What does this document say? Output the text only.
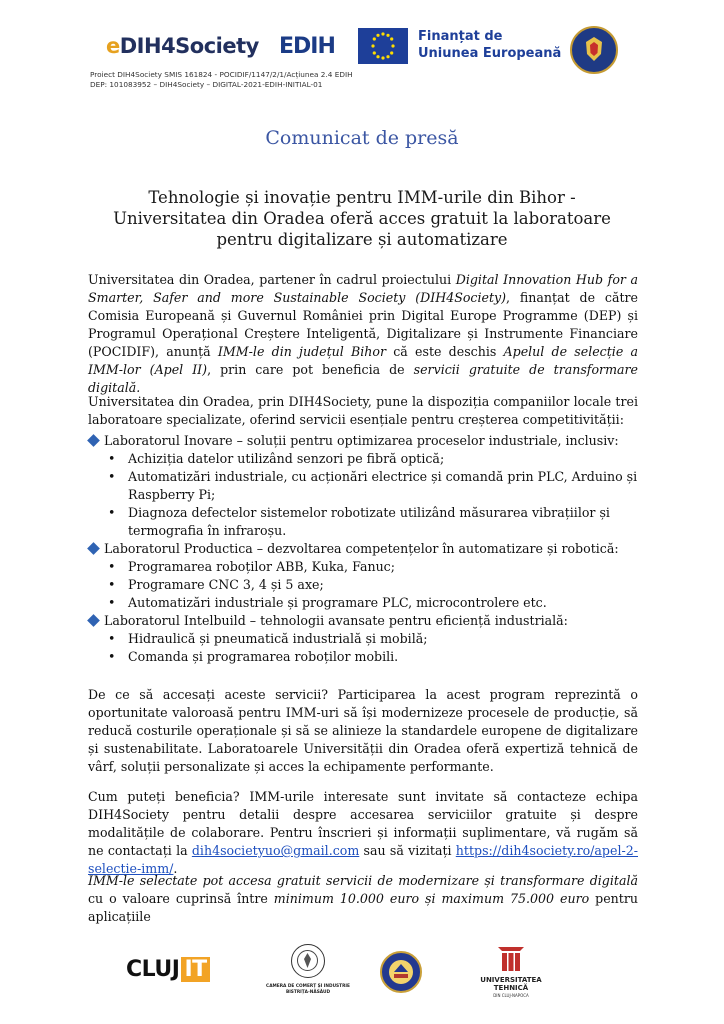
eDIH4Society EDIH	Finanțat de
Uniunea Europeană
Proiect DIH4Society SMIS 161824 - POCIDIF/1147/2/1/Acțiunea 2.4 EDIH
DEP: 101083952 – DIH4Society – DIGITAL-2021-EDIH-INITIAL-01
Comunicat de presă
Tehnologie și inovație pentru IMM-urile din Bihor -Universitatea din Oradea oferă acces gratuit la laboratoare pentru digitalizare și automatizare
Universitatea din Oradea, partener în cadrul proiectului Digital Innovation Hub for a Smarter, Safer and more Sustainable Society (DIH4Society), finanțat de către Comisia Europeană și Guvernul României prin Digital Europe Programme (DEP) și Programul Operațional Creștere Inteligentă, Digitalizare și Instrumente Financiare (POCIDIF), anunță IMM-le din județul Bihor că este deschis Apelul de selecție a IMM-lor (Apel II), prin care pot beneficia de servicii gratuite de transformare digitală.
Universitatea din Oradea, prin DIH4Society, pune la dispoziția companiilor locale trei laboratoare specializate, oferind servicii esențiale pentru creșterea competitivității:
Laboratorul Inovare – soluții pentru optimizarea proceselor industriale, inclusiv:
• Achiziția datelor utilizând senzori pe fibră optică;
• Automatizări industriale, cu acționări electrice și comandă prin PLC, Arduino și Raspberry Pi;
• Diagnoza defectelor sistemelor robotizate utilizând măsurarea vibrațiilor și termografia în infraroșu.
Laboratorul Productica – dezvoltarea competențelor în automatizare și robotică:
• Programarea roboților ABB, Kuka, Fanuc;
• Programare CNC 3, 4 și 5 axe;
• Automatizări industriale și programare PLC, microcontrolere etc.
Laboratorul Intelbuild – tehnologii avansate pentru eficiență industrială:
• Hidraulică și pneumatică industrială și mobilă;
• Comanda și programarea roboților mobili.
De ce să accesați aceste servicii? Participarea la acest program reprezintă o oportunitate valoroasă pentru IMM-uri să își modernizeze procesele de producție, să reducă costurile operaționale și să se alinieze la standardele europene de digitalizare și sustenabilitate. Laboratoarele Universității din Oradea oferă expertiză tehnică de vârf, soluții personalizate și acces la echipamente performante.
Cum puteți beneficia? IMM-urile interesate sunt invitate să contacteze echipa DIH4Society pentru detalii despre accesarea serviciilor gratuite și despre modalitățile de colaborare. Pentru înscrieri și informații suplimentare, vă rugăm să ne contactați la dih4societyuo@gmail.com sau să vizitați https://dih4society.ro/apel-2-selectie-imm/.
IMM-le selectate pot accesa gratuit servicii de modernizare și transformare digitală cu o valoare cuprinsă între minimum 10.000 euro și maximum 75.000 euro pentru aplicațiile
CLUJ IT
CAMERA DE COMERȚ ȘI INDUSTRIE BISTRIȚA-NĂSĂUD
UNIVERSITATEA TEHNICĂ
DIN CLUJ-NAPOCA
